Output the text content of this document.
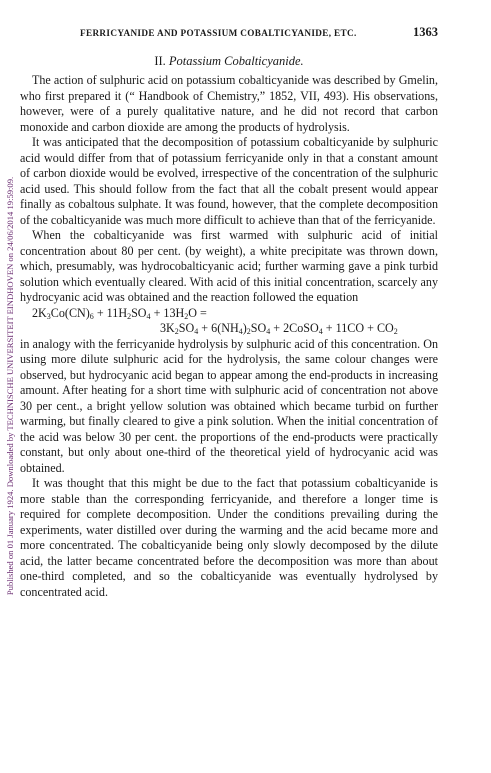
Published on 01 January 1924. Downloaded by TECHNISCHE UNIVERSITEIT EINDHOVEN on 24/06/2014 19:59:09.
FERRICYANIDE AND POTASSIUM COBALTICYANIDE, ETC.	1363
II. Potassium Cobalticyanide.

The action of sulphuric acid on potassium cobalticyanide was described by Gmelin, who first prepared it (“ Handbook of Chemistry,” 1852, VII, 493). His observations, however, were of a purely qualitative nature, and he did not record that carbon monoxide and carbon dioxide are among the products of hydrolysis.

It was anticipated that the decomposition of potassium cobalticyanide by sulphuric acid would differ from that of potassium ferricyanide only in that a constant amount of carbon dioxide would be evolved, irrespective of the concentration of the sulphuric acid used. This should follow from the fact that all the cobalt present would appear finally as cobaltous sulphate. It was found, however, that the complete decomposition of the cobalticyanide was much more difficult to achieve than that of the ferricyanide.

When the cobalticyanide was first warmed with sulphuric acid of initial concentration about 80 per cent. (by weight), a white precipitate was thrown down, which, presumably, was hydrocobalticyanic acid; further warming gave a pink turbid solution which eventually cleared. With acid of this initial concentration, scarcely any hydrocyanic acid was obtained and the reaction followed the equation

$2K_3Co(CN)_6 + 11H_2SO_4 + 13H_2O$ =

$3K_2SO_4 + 6(NH_4)_2SO_4$ + 2CoSO$_4$ + $11CO + CO_2$

in analogy with the ferricyanide hydrolysis by sulphuric acid of this concentration. On using more dilute sulphuric acid for the hydrolysis, the same colour changes were observed, but hydrocyanic acid began to appear among the end-products in increasing amount. After heating for a short time with sulphuric acid of concentration not above 30 per cent., a bright yellow solution was obtained which became turbid on further warming, but finally cleared to give a pink solution. When the initial concentration of the acid was below 30 per cent. the proportions of the end-products were practically constant, but only about one-third of the theoretical yield of hydrocyanic acid was obtained.

It was thought that this might be due to the fact that potassium cobalticyanide is more stable than the corresponding ferricyanide, and therefore a longer time is required for complete decomposition. Under the conditions prevailing during the experiments, water distilled over during the warming and the acid became more and more concentrated. The cobalticyanide being only slowly decomposed by the dilute acid, the latter became concentrated before the decomposition was more than about one-third completed, and so the cobalticyanide was eventually hydrolysed by concentrated acid.
